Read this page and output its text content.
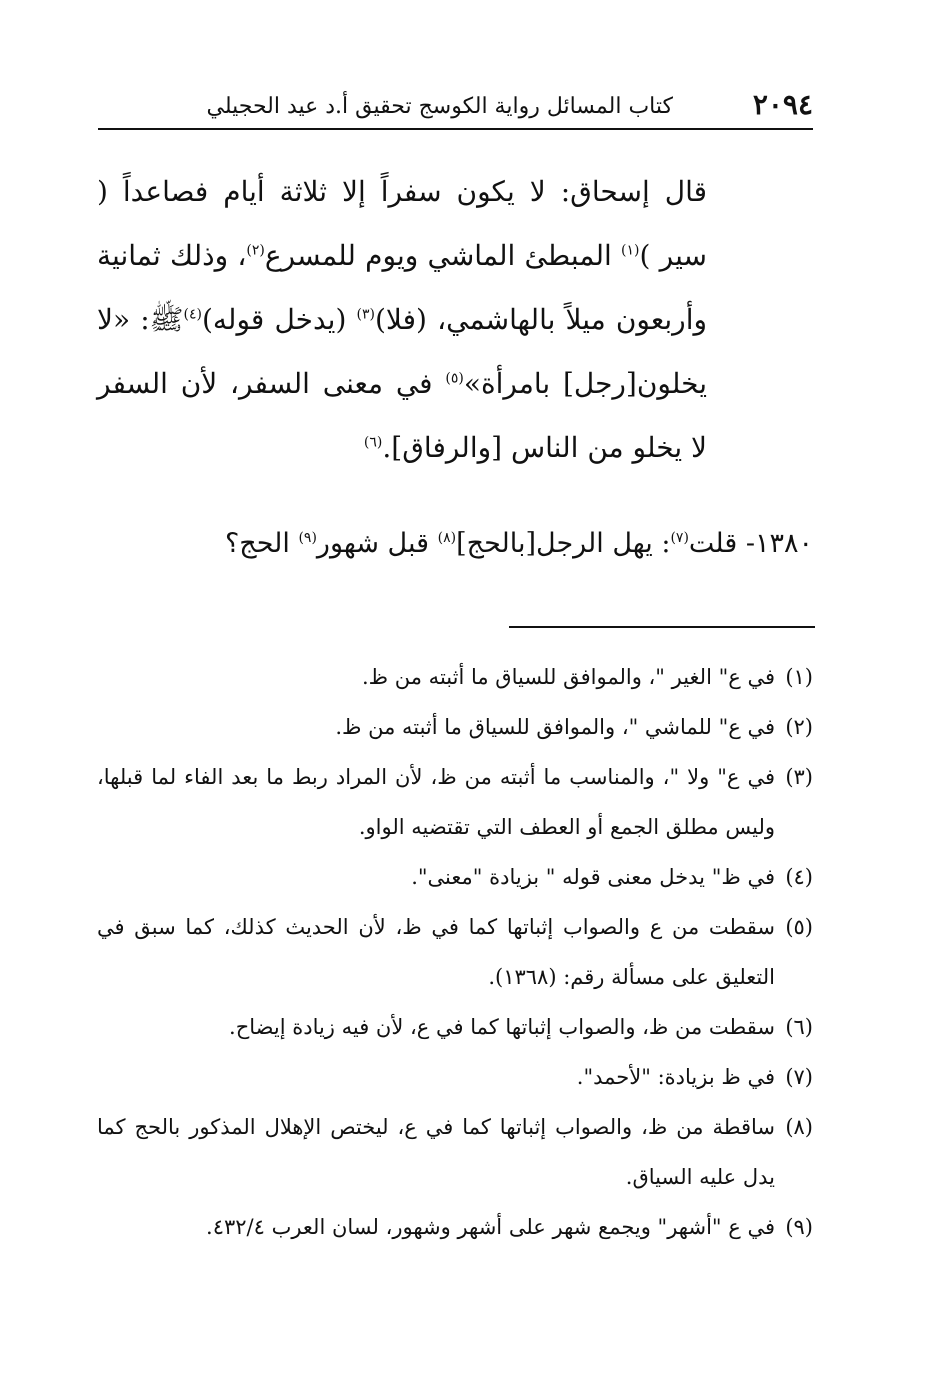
٢٠٩٤
كتاب المسائل رواية الكوسج تحقيق أ.د عيد الحجيلي

قال إسحاق: لا يكون سفراً إلا ثلاثة أيام فصاعداً ( سير )$^{(١)}$ المبطئ الماشي ويوم للمسرع$^{(٢)}$، وذلك ثمانية وأربعون ميلاً بالهاشمي، (فلا)$^{(٣)}$ (يدخل قوله)$^{(٤)}$ﷺ: «لا يخلون[رجل] بامرأة»$^{(٥)}$ في معنى السفر، لأن السفر لا يخلو من الناس [والرفاق].$^{(٦)}$

١٣٨٠- قلت$^{(٧)}$: يهل الرجل[بالحج]$^{(٨)}$ قبل شهور$^{(٩)}$ الحج؟
(١)
في ع" الغير "، والموافق للسياق ما أثبته من ظ.
(٢)
في ع" للماشي "، والموافق للسياق ما أثبته من ظ.
(٣)
في ع" ولا "، والمناسب ما أثبته من ظ، لأن المراد ربط ما بعد الفاء لما قبلها، وليس مطلق الجمع أو العطف التي تقتضيه الواو.
(٤)
في ظ" يدخل معنى قوله " بزيادة "معنى".
(٥)
سقطت من ع والصواب إثباتها كما في ظ، لأن الحديث كذلك، كما سبق في التعليق على مسألة رقم: (١٣٦٨).
(٦)
سقطت من ظ، والصواب إثباتها كما في ع، لأن فيه زيادة إيضاح.
(٧)
في ظ بزيادة: "لأحمد".
(٨)
ساقطة من ظ، والصواب إثباتها كما في ع، ليختص الإهلال المذكور بالحج كما يدل عليه السياق.
(٩)
في ع "أشهر" ويجمع شهر على أشهر وشهور، لسان العرب ٤٣٢/٤.
